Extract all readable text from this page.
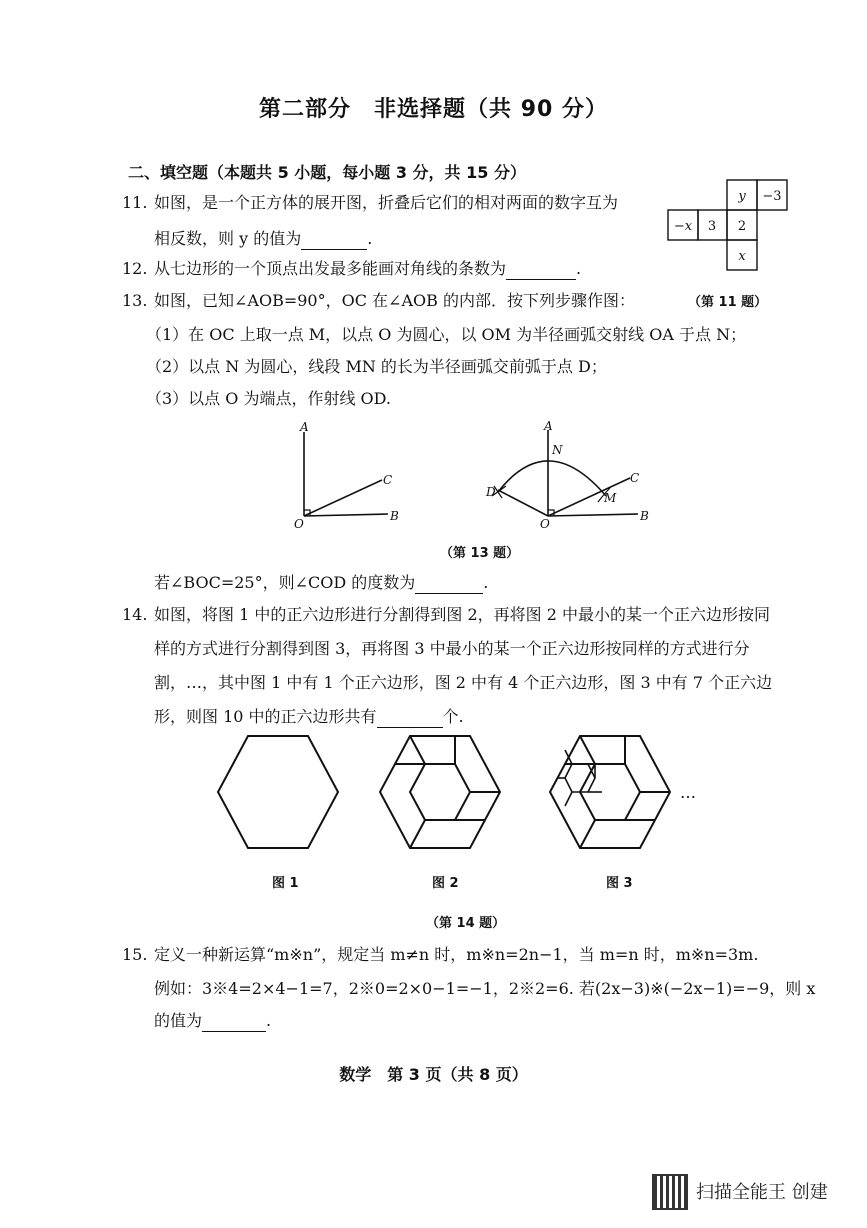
第二部分　非选择题（共 90 分）
二、填空题（本题共 5 小题，每小题 3 分，共 15 分）
11. 如图，是一个正方体的展开图，折叠后它们的相对两面的数字互为
相反数，则 y 的值为	.
y −3
−x 3 2
x
（第 11 题）
12. 从七边形的一个顶点出发最多能画对角线的条数为	.
13. 如图，已知∠AOB=90°，OC 在∠AOB 的内部．按下列步骤作图：
（1）在 OC 上取一点 M，以点 O 为圆心，以 OM 为半径画弧交射线 OA 于点 N；
（2）以点 N 为圆心，线段 MN 的长为半径画弧交前弧于点 D；
（3）以点 O 为端点，作射线 OD.
A
B
C
O
A
N
C
M
D
B
O
（第 13 题）
若∠BOC=25°，则∠COD 的度数为	.
14. 如图，将图 1 中的正六边形进行分割得到图 2，再将图 2 中最小的某一个正六边形按同
样的方式进行分割得到图 3，再将图 3 中最小的某一个正六边形按同样的方式进行分
割，…，其中图 1 中有 1 个正六边形，图 2 中有 4 个正六边形，图 3 中有 7 个正六边
形，则图 10 中的正六边形共有	个.
…
图 1	图 2	图 3
（第 14 题）
15. 定义一种新运算“m※n”，规定当 m≠n 时，m※n=2n−1，当 m=n 时，m※n=3m.
例如：3※4=2×4−1=7，2※0=2×0−1=−1，2※2=6. 若(2x−3)※(−2x−1)=−9，则 x
的值为	.
数学　第 3 页（共 8 页）
扫描全能王 创建
